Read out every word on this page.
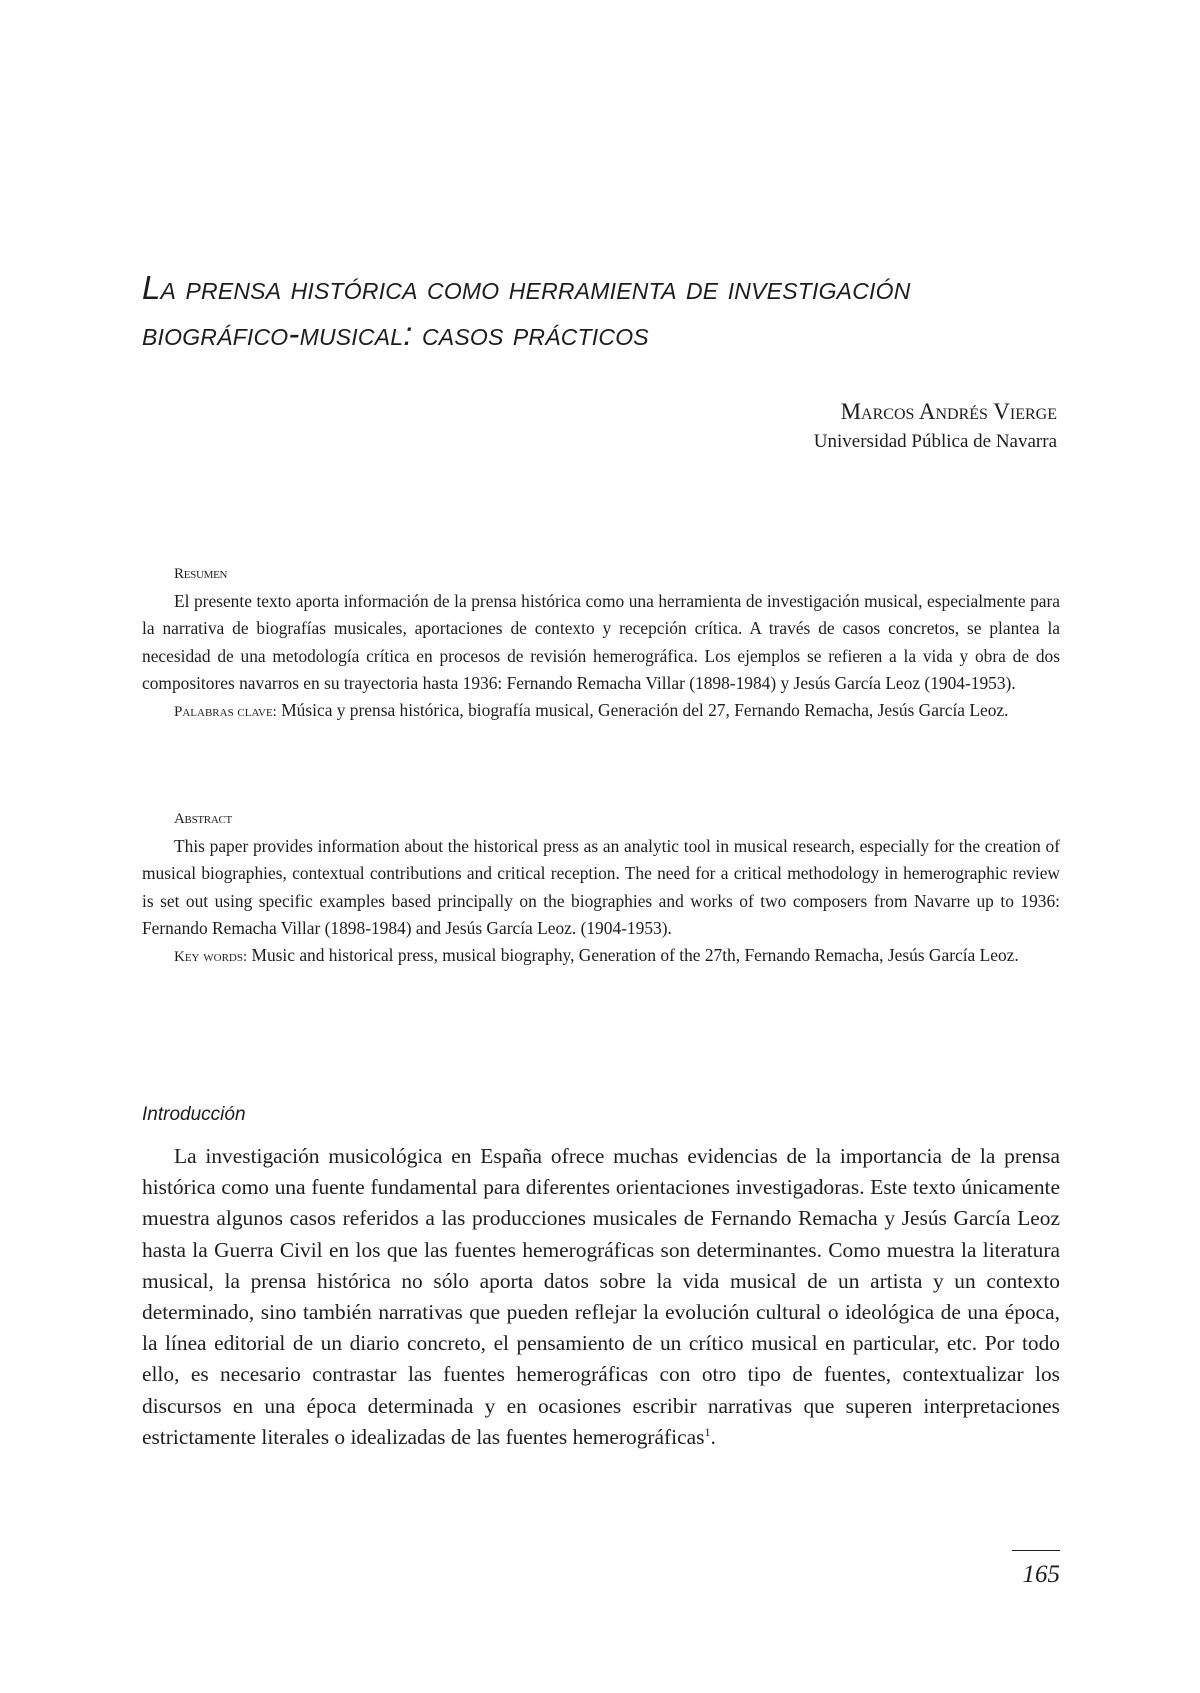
La prensa histórica como herramienta de investigación
biográfico-musical: casos prácticos
Marcos Andrés Vierge
Universidad Pública de Navarra
Resumen

El presente texto aporta información de la prensa histórica como una herramienta de investigación musical, especialmente para la narrativa de biografías musicales, aportaciones de contexto y recepción crítica. A través de casos concretos, se plantea la necesidad de una metodología crítica en procesos de revisión hemerográfica. Los ejemplos se refieren a la vida y obra de dos compositores navarros en su trayectoria hasta 1936: Fernando Remacha Villar (1898-1984) y Jesús García Leoz (1904-1953).

Palabras clave: Música y prensa histórica, biografía musical, Generación del 27, Fernando Remacha, Jesús García Leoz.

Abstract

This paper provides information about the historical press as an analytic tool in musical research, especially for the creation of musical biographies, contextual contributions and critical reception. The need for a critical methodology in hemerographic review is set out using specific examples based principally on the biographies and works of two composers from Navarre up to 1936: Fernando Remacha Villar (1898-1984) and Jesús García Leoz. (1904-1953).

Key words: Music and historical press, musical biography, Generation of the 27th, Fernando Remacha, Jesús García Leoz.

Introducción

La investigación musicológica en España ofrece muchas evidencias de la importancia de la prensa histórica como una fuente fundamental para diferentes orientaciones investigadoras. Este texto únicamente muestra algunos casos referidos a las producciones musicales de Fernando Remacha y Jesús García Leoz hasta la Guerra Civil en los que las fuentes hemerográficas son determinantes. Como muestra la literatura musical, la prensa histórica no sólo aporta datos sobre la vida musical de un artista y un contexto determinado, sino también narrativas que pueden reflejar la evolución cultural o ideológica de una época, la línea editorial de un diario concreto, el pensamiento de un crítico musical en particular, etc. Por todo ello, es necesario contrastar las fuentes hemerográficas con otro tipo de fuentes, contextualizar los discursos en una época determinada y en ocasiones escribir narrativas que superen interpretaciones estrictamente literales o idealizadas de las fuentes hemerográficas$^1$.

165
